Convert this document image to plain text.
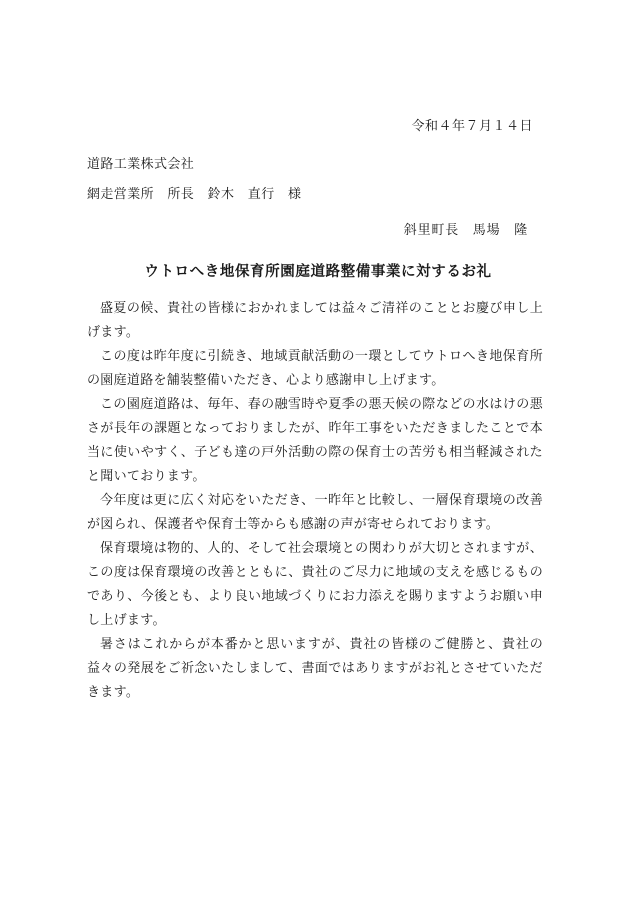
令和４年７月１４日
道路工業株式会社
網走営業所　所長　鈴木　直行　様
斜里町長　馬場　隆
ウトロへき地保育所園庭道路整備事業に対するお礼

盛夏の候、貴社の皆様におかれましては益々ご清祥のこととお慶び申し上げます。

この度は昨年度に引続き、地域貢献活動の一環としてウトロへき地保育所の園庭道路を舗装整備いただき、心より感謝申し上げます。

この園庭道路は、毎年、春の融雪時や夏季の悪天候の際などの水はけの悪さが長年の課題となっておりましたが、昨年工事をいただきましたことで本当に使いやすく、子ども達の戸外活動の際の保育士の苦労も相当軽減されたと聞いております。

今年度は更に広く対応をいただき、一昨年と比較し、一層保育環境の改善が図られ、保護者や保育士等からも感謝の声が寄せられております。

保育環境は物的、人的、そして社会環境との関わりが大切とされますが、この度は保育環境の改善とともに、貴社のご尽力に地域の支えを感じるものであり、今後とも、より良い地域づくりにお力添えを賜りますようお願い申し上げます。

暑さはこれからが本番かと思いますが、貴社の皆様のご健勝と、貴社の益々の発展をご祈念いたしまして、書面ではありますがお礼とさせていただきます。
